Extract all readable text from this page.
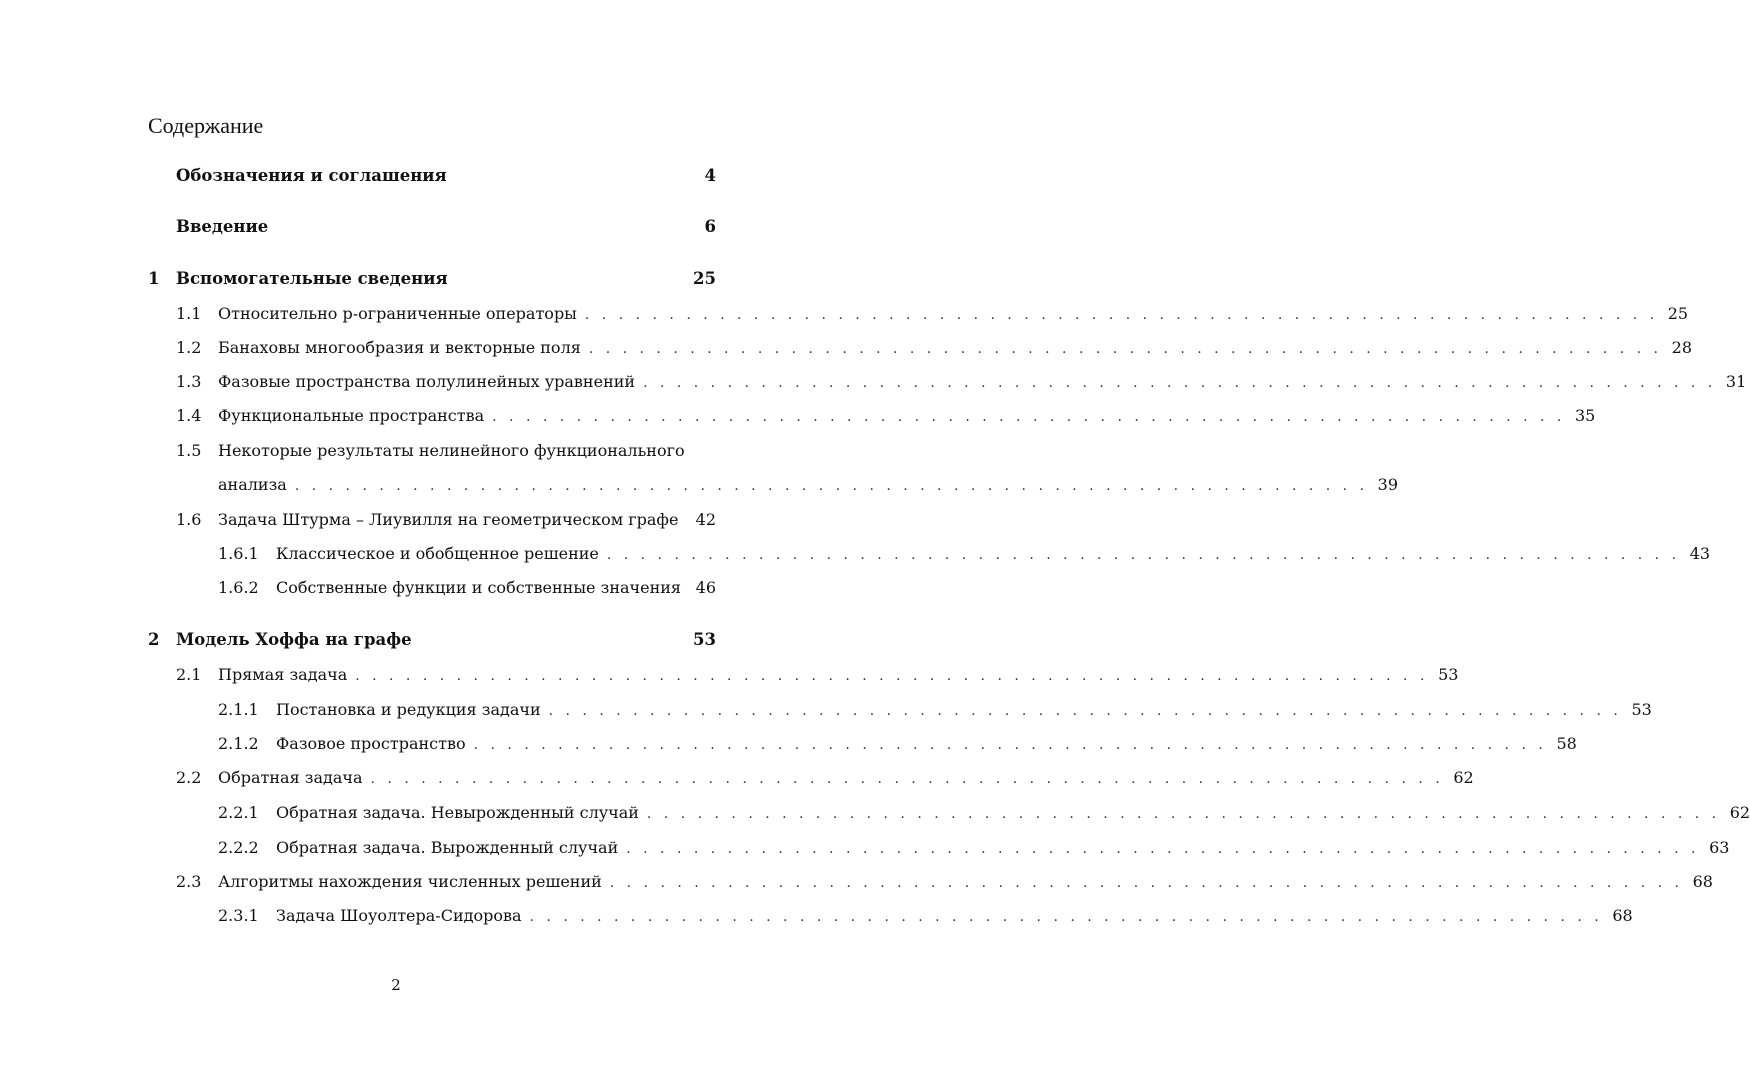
Содержание
Обозначения и соглашения	4
Введение	6
1	Вспомогательные сведения	25
1.1	Относительно p-ограниченные операторы . . . . . . . . . . . . . . . . . . . . . . . . . . . . . . . . . . . . . . . . . . . . . . . . . . . . . . . . . . . . . . . . 25
1.2	Банаховы многообразия и векторные поля . . . . . . . . . . . . . . . . . . . . . . . . . . . . . . . . . . . . . . . . . . . . . . . . . . . . . . . . . . . . . . . . 28
1.3	Фазовые пространства полулинейных уравнений . . . . . . . . . . . . . . . . . . . . . . . . . . . . . . . . . . . . . . . . . . . . . . . . . . . . . . . . . . . . . . . . 31
1.4	Функциональные пространства . . . . . . . . . . . . . . . . . . . . . . . . . . . . . . . . . . . . . . . . . . . . . . . . . . . . . . . . . . . . . . . . 35
1.5	Некоторые результаты нелинейного функционального
анализа . . . . . . . . . . . . . . . . . . . . . . . . . . . . . . . . . . . . . . . . . . . . . . . . . . . . . . . . . . . . . . . . 39
1.6	Задача Штурма – Лиувилля на геометрическом графе 42
1.6.1	Классическое и обобщенное решение . . . . . . . . . . . . . . . . . . . . . . . . . . . . . . . . . . . . . . . . . . . . . . . . . . . . . . . . . . . . . . . . 43
1.6.2	Собственные функции и собственные значения 46
2	Модель Хоффа на графе	53
2.1	Прямая задача . . . . . . . . . . . . . . . . . . . . . . . . . . . . . . . . . . . . . . . . . . . . . . . . . . . . . . . . . . . . . . . . 53
2.1.1	Постановка и редукция задачи . . . . . . . . . . . . . . . . . . . . . . . . . . . . . . . . . . . . . . . . . . . . . . . . . . . . . . . . . . . . . . . . 53
2.1.2	Фазовое пространство . . . . . . . . . . . . . . . . . . . . . . . . . . . . . . . . . . . . . . . . . . . . . . . . . . . . . . . . . . . . . . . . 58
2.2	Обратная задача . . . . . . . . . . . . . . . . . . . . . . . . . . . . . . . . . . . . . . . . . . . . . . . . . . . . . . . . . . . . . . . . 62
2.2.1	Обратная задача. Невырожденный случай . . . . . . . . . . . . . . . . . . . . . . . . . . . . . . . . . . . . . . . . . . . . . . . . . . . . . . . . . . . . . . . . 62
2.2.2	Обратная задача. Вырожденный случай . . . . . . . . . . . . . . . . . . . . . . . . . . . . . . . . . . . . . . . . . . . . . . . . . . . . . . . . . . . . . . . . 63
2.3	Алгоритмы нахождения численных решений . . . . . . . . . . . . . . . . . . . . . . . . . . . . . . . . . . . . . . . . . . . . . . . . . . . . . . . . . . . . . . . . 68
2.3.1	Задача Шоуолтера-Сидорова . . . . . . . . . . . . . . . . . . . . . . . . . . . . . . . . . . . . . . . . . . . . . . . . . . . . . . . . . . . . . . . . 68
2
